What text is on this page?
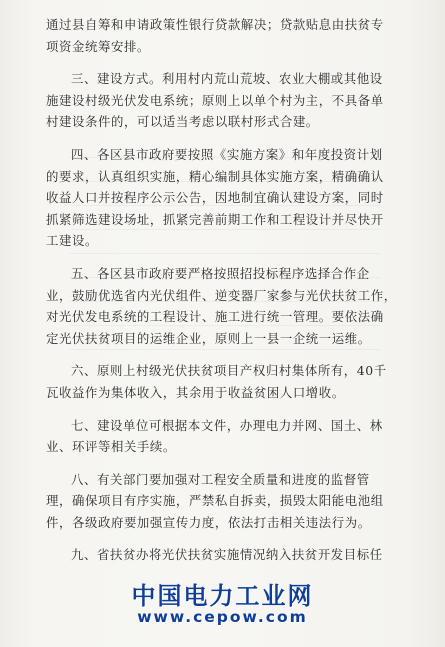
通过县自筹和申请政策性银行贷款解决；贷款贴息由扶贫专
项资金统筹安排。
三、建设方式。利用村内荒山荒坡、农业大棚或其他设
施建设村级光伏发电系统；原则上以单个村为主，不具备单
村建设条件的，可以适当考虑以联村形式合建。
四、各区县市政府要按照《实施方案》和年度投资计划
的要求，认真组织实施，精心编制具体实施方案，精确确认
收益人口并按程序公示公告，因地制宜确认建设方案，同时
抓紧筛选建设场址，抓紧完善前期工作和工程设计并尽快开
工建设。
五、各区县市政府要严格按照招投标程序选择合作企
业，鼓励优选省内光伏组件、逆变器厂家参与光伏扶贫工作，
对光伏发电系统的工程设计、施工进行统一管理。要依法确
定光伏扶贫项目的运维企业，原则上一县一企统一运维。
六、原则上村级光伏扶贫项目产权归村集体所有，40千
瓦收益作为集体收入，其余用于收益贫困人口增收。
七、建设单位可根据本文件，办理电力并网、国土、林
业、环评等相关手续。
八、有关部门要加强对工程安全质量和进度的监督管
理，确保项目有序实施，严禁私自拆卖，损毁太阳能电池组
件，各级政府要加强宣传力度，依法打击相关违法行为。
九、省扶贫办将光伏扶贫实施情况纳入扶贫开发目标任
中国电力工业网
www.cepow.com
